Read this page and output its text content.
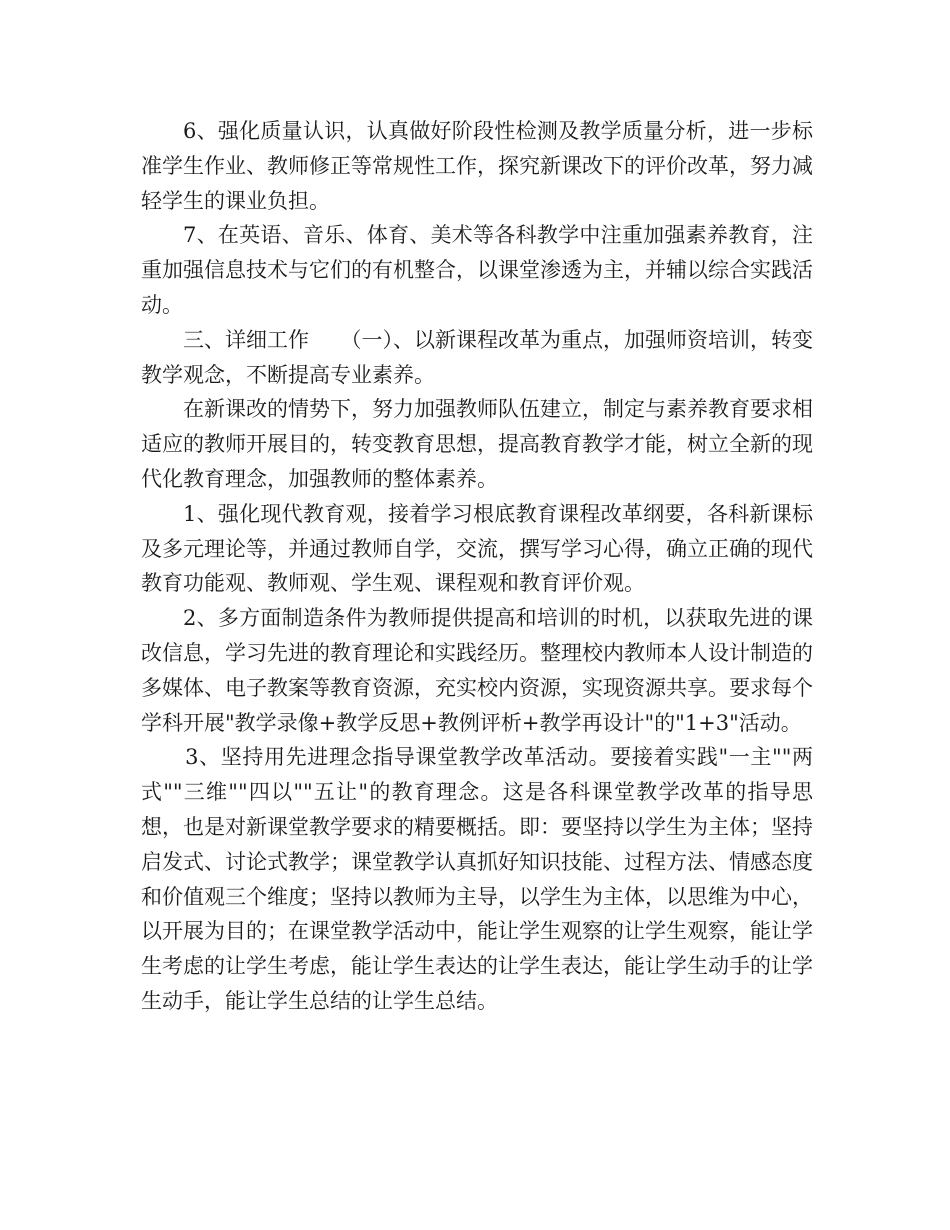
6、强化质量认识，认真做好阶段性检测及教学质量分析，进一步标准学生作业、教师修正等常规性工作，探究新课改下的评价改革，努力减轻学生的课业负担。

7、在英语、音乐、体育、美术等各科教学中注重加强素养教育，注重加强信息技术与它们的有机整合，以课堂渗透为主，并辅以综合实践活动。

三、详细工作　　（一）、以新课程改革为重点，加强师资培训，转变教学观念，不断提高专业素养。

在新课改的情势下，努力加强教师队伍建立，制定与素养教育要求相适应的教师开展目的，转变教育思想，提高教育教学才能，树立全新的现代化教育理念，加强教师的整体素养。

1、强化现代教育观，接着学习根底教育课程改革纲要，各科新课标及多元理论等，并通过教师自学，交流，撰写学习心得，确立正确的现代教育功能观、教师观、学生观、课程观和教育评价观。

2、多方面制造条件为教师提供提高和培训的时机，以获取先进的课改信息，学习先进的教育理论和实践经历。整理校内教师本人设计制造的多媒体、电子教案等教育资源，充实校内资源，实现资源共享。要求每个学科开展"教学录像+教学反思+教例评析+教学再设计"的"1+3"活动。

3、坚持用先进理念指导课堂教学改革活动。要接着实践"一主""两式""三维""四以""五让"的教育理念。这是各科课堂教学改革的指导思想，也是对新课堂教学要求的精要概括。即：要坚持以学生为主体；坚持启发式、讨论式教学；课堂教学认真抓好知识技能、过程方法、情感态度和价值观三个维度；坚持以教师为主导，以学生为主体，以思维为中心，以开展为目的；在课堂教学活动中，能让学生观察的让学生观察，能让学生考虑的让学生考虑，能让学生表达的让学生表达，能让学生动手的让学生动手，能让学生总结的让学生总结。
